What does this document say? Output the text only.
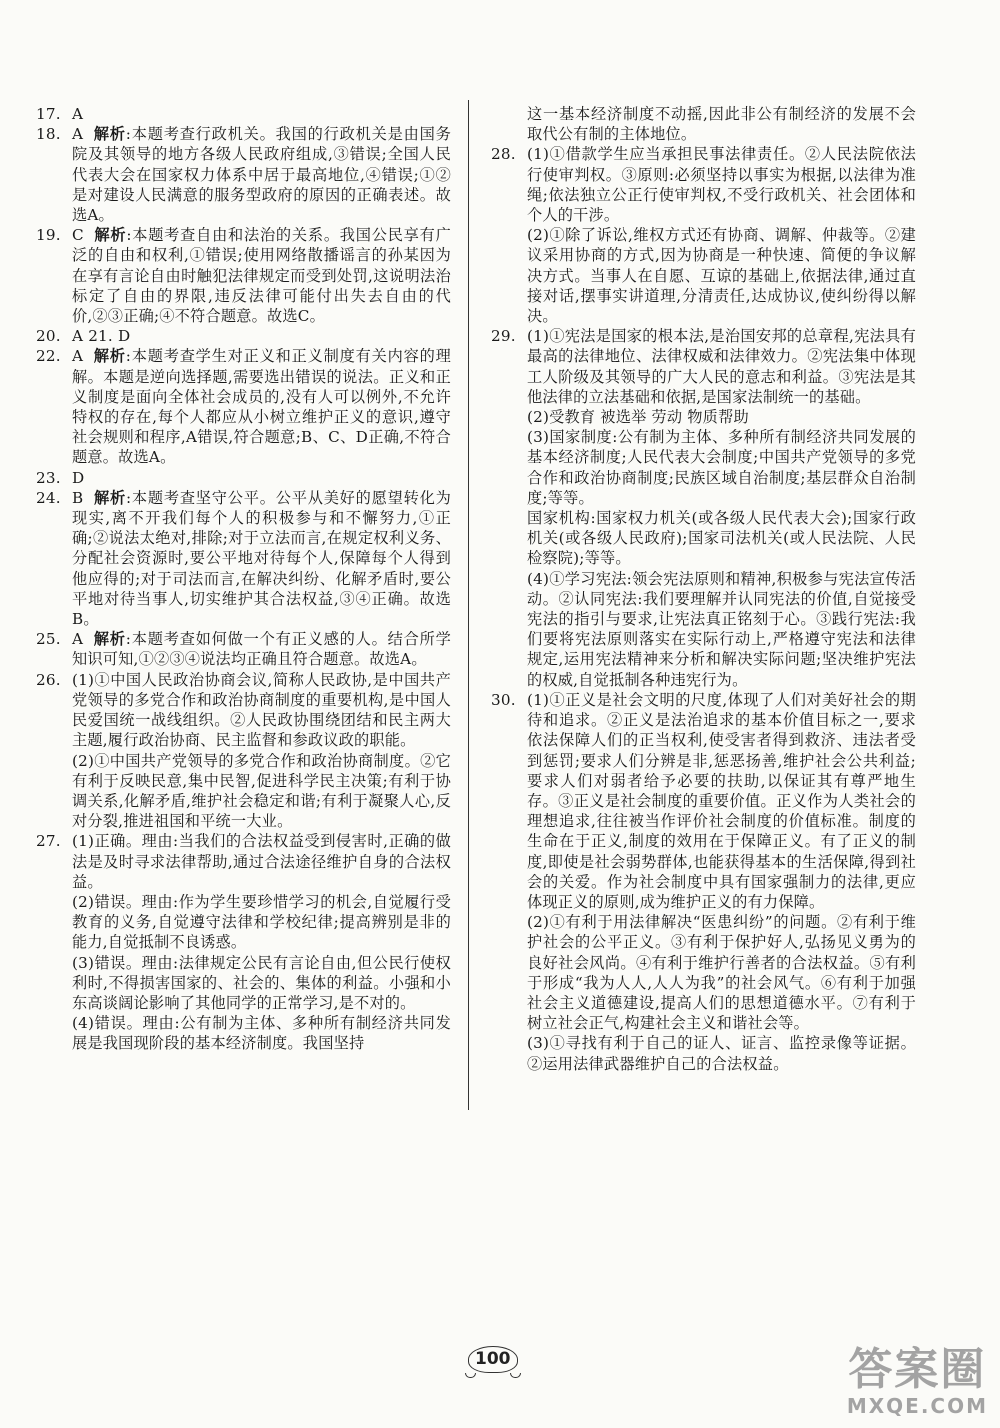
17. A

18. A 解析:本题考查行政机关。我国的行政机关是由国务院及其领导的地方各级人民政府组成,③错误;全国人民代表大会在国家权力体系中居于最高地位,④错误;①②是对建设人民满意的服务型政府的原因的正确表述。故选A。

19. C 解析:本题考查自由和法治的关系。我国公民享有广泛的自由和权利,①错误;使用网络散播谣言的孙某因为在享有言论自由时触犯法律规定而受到处罚,这说明法治标定了自由的界限,违反法律可能付出失去自由的代价,②③正确;④不符合题意。故选C。

20. A 21. D

22. A 解析:本题考查学生对正义和正义制度有关内容的理解。本题是逆向选择题,需要选出错误的说法。正义和正义制度是面向全体社会成员的,没有人可以例外,不允许特权的存在,每个人都应从小树立维护正义的意识,遵守社会规则和程序,A错误,符合题意;B、C、D正确,不符合题意。故选A。

23. D

24. B 解析:本题考查坚守公平。公平从美好的愿望转化为现实,离不开我们每个人的积极参与和不懈努力,①正确;②说法太绝对,排除;对于立法而言,在规定权利义务、分配社会资源时,要公平地对待每个人,保障每个人得到他应得的;对于司法而言,在解决纠纷、化解矛盾时,要公平地对待当事人,切实维护其合法权益,③④正确。故选B。

25. A 解析:本题考查如何做一个有正义感的人。结合所学知识可知,①②③④说法均正确且符合题意。故选A。

26. (1)①中国人民政治协商会议,简称人民政协,是中国共产党领导的多党合作和政治协商制度的重要机构,是中国人民爱国统一战线组织。②人民政协围绕团结和民主两大主题,履行政治协商、民主监督和参政议政的职能。

(2)①中国共产党领导的多党合作和政治协商制度。②它有利于反映民意,集中民智,促进科学民主决策;有利于协调关系,化解矛盾,维护社会稳定和谐;有利于凝聚人心,反对分裂,推进祖国和平统一大业。

27. (1)正确。理由:当我们的合法权益受到侵害时,正确的做法是及时寻求法律帮助,通过合法途径维护自身的合法权益。

(2)错误。理由:作为学生要珍惜学习的机会,自觉履行受教育的义务,自觉遵守法律和学校纪律;提高辨别是非的能力,自觉抵制不良诱惑。

(3)错误。理由:法律规定公民有言论自由,但公民行使权利时,不得损害国家的、社会的、集体的利益。小强和小东高谈阔论影响了其他同学的正常学习,是不对的。

(4)错误。理由:公有制为主体、多种所有制经济共同发展是我国现阶段的基本经济制度。我国坚持

这一基本经济制度不动摇,因此非公有制经济的发展不会取代公有制的主体地位。
28. (1)①借款学生应当承担民事法律责任。②人民法院依法行使审判权。③原则:必须坚持以事实为根据,以法律为准绳;依法独立公正行使审判权,不受行政机关、社会团体和个人的干涉。

(2)①除了诉讼,维权方式还有协商、调解、仲裁等。②建议采用协商的方式,因为协商是一种快速、简便的争议解决方式。当事人在自愿、互谅的基础上,依据法律,通过直接对话,摆事实讲道理,分清责任,达成协议,使纠纷得以解决。

29. (1)①宪法是国家的根本法,是治国安邦的总章程,宪法具有最高的法律地位、法律权威和法律效力。②宪法集中体现工人阶级及其领导的广大人民的意志和利益。③宪法是其他法律的立法基础和依据,是国家法制统一的基础。

(2)受教育 被选举 劳动 物质帮助

(3)国家制度:公有制为主体、多种所有制经济共同发展的基本经济制度;人民代表大会制度;中国共产党领导的多党合作和政治协商制度;民族区域自治制度;基层群众自治制度;等等。

国家机构:国家权力机关(或各级人民代表大会);国家行政机关(或各级人民政府);国家司法机关(或人民法院、人民检察院);等等。

(4)①学习宪法:领会宪法原则和精神,积极参与宪法宣传活动。②认同宪法:我们要理解并认同宪法的价值,自觉接受宪法的指引与要求,让宪法真正铭刻于心。③践行宪法:我们要将宪法原则落实在实际行动上,严格遵守宪法和法律规定,运用宪法精神来分析和解决实际问题;坚决维护宪法的权威,自觉抵制各种违宪行为。

30. (1)①正义是社会文明的尺度,体现了人们对美好社会的期待和追求。②正义是法治追求的基本价值目标之一,要求依法保障人们的正当权利,使受害者得到救济、违法者受到惩罚;要求人们分辨是非,惩恶扬善,维护社会公共利益;要求人们对弱者给予必要的扶助,以保证其有尊严地生存。③正义是社会制度的重要价值。正义作为人类社会的理想追求,往往被当作评价社会制度的价值标准。制度的生命在于正义,制度的效用在于保障正义。有了正义的制度,即使是社会弱势群体,也能获得基本的生活保障,得到社会的关爱。作为社会制度中具有国家强制力的法律,更应体现正义的原则,成为维护正义的有力保障。

(2)①有利于用法律解决“医患纠纷”的问题。②有利于维护社会的公平正义。③有利于保护好人,弘扬见义勇为的良好社会风尚。④有利于维护行善者的合法权益。⑤有利于形成“我为人人,人人为我”的社会风气。⑥有利于加强社会主义道德建设,提高人们的思想道德水平。⑦有利于树立社会正气,构建社会主义和谐社会等。

(3)①寻找有利于自己的证人、证言、监控录像等证据。②运用法律武器维护自己的合法权益。

100	答案圈
MXQE.COM
